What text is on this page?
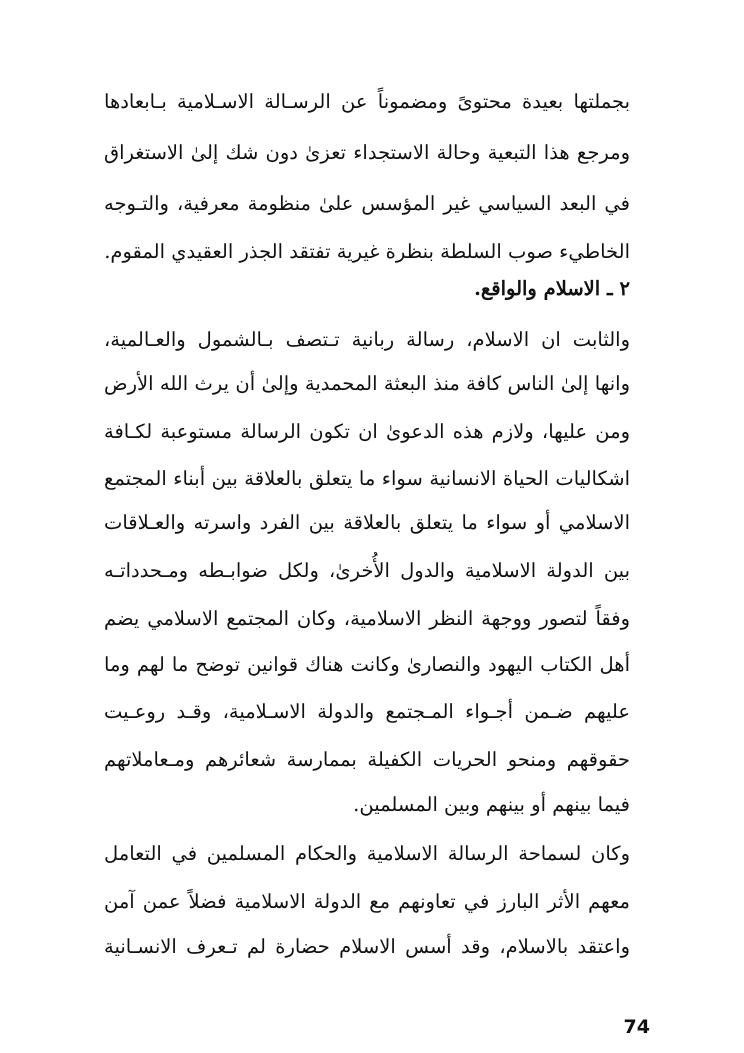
بجملتها بعيدة محتوىً ومضموناً عن الرسـالة الاسـلامية بـابعادها
ومرجع هذا التبعية وحالة الاستجداء تعزىٰ دون شك إلىٰ الاستغراق
في البعد السياسي غير المؤسس علىٰ منظومة معرفية، والتـوجه
الخاطيء صوب السلطة بنظرة غيرية تفتقد الجذر العقيدي المقوم.
٢ ـ الاسلام والواقع.
والثابت ان الاسلام، رسالة ربانية تـتصف بـالشمول والعـالمية،
وانها إلىٰ الناس كافة منذ البعثة المحمدية وإلىٰ أن يرث الله الأرض
ومن عليها، ولازم هذه الدعوىٰ ان تكون الرسالة مستوعبة لكـافة
اشكاليات الحياة الانسانية سواء ما يتعلق بالعلاقة بين أبناء المجتمع
الاسلامي أو سواء ما يتعلق بالعلاقة بين الفرد واسرته والعـلاقات
بين الدولة الاسلامية والدول الأُخرىٰ، ولكل ضوابـطه ومـحدداتـه
وفقاً لتصور ووجهة النظر الاسلامية، وكان المجتمع الاسلامي يضم
أهل الكتاب اليهود والنصارىٰ وكانت هناك قوانين توضح ما لهم وما
عليهم ضـمن أجـواء المـجتمع والدولة الاسـلامية، وقـد روعـيت
حقوقهم ومنحو الحريات الكفيلة بممارسة شعائرهم ومـعاملاتهم
فيما بينهم أو بينهم وبين المسلمين.
وكان لسماحة الرسالة الاسلامية والحكام المسلمين في التعامل
معهم الأثر البارز في تعاونهم مع الدولة الاسلامية فضلاً عمن آمن
واعتقد بالاسلام، وقد أسس الاسلام حضارة لم تـعرف الانسـانية
74
